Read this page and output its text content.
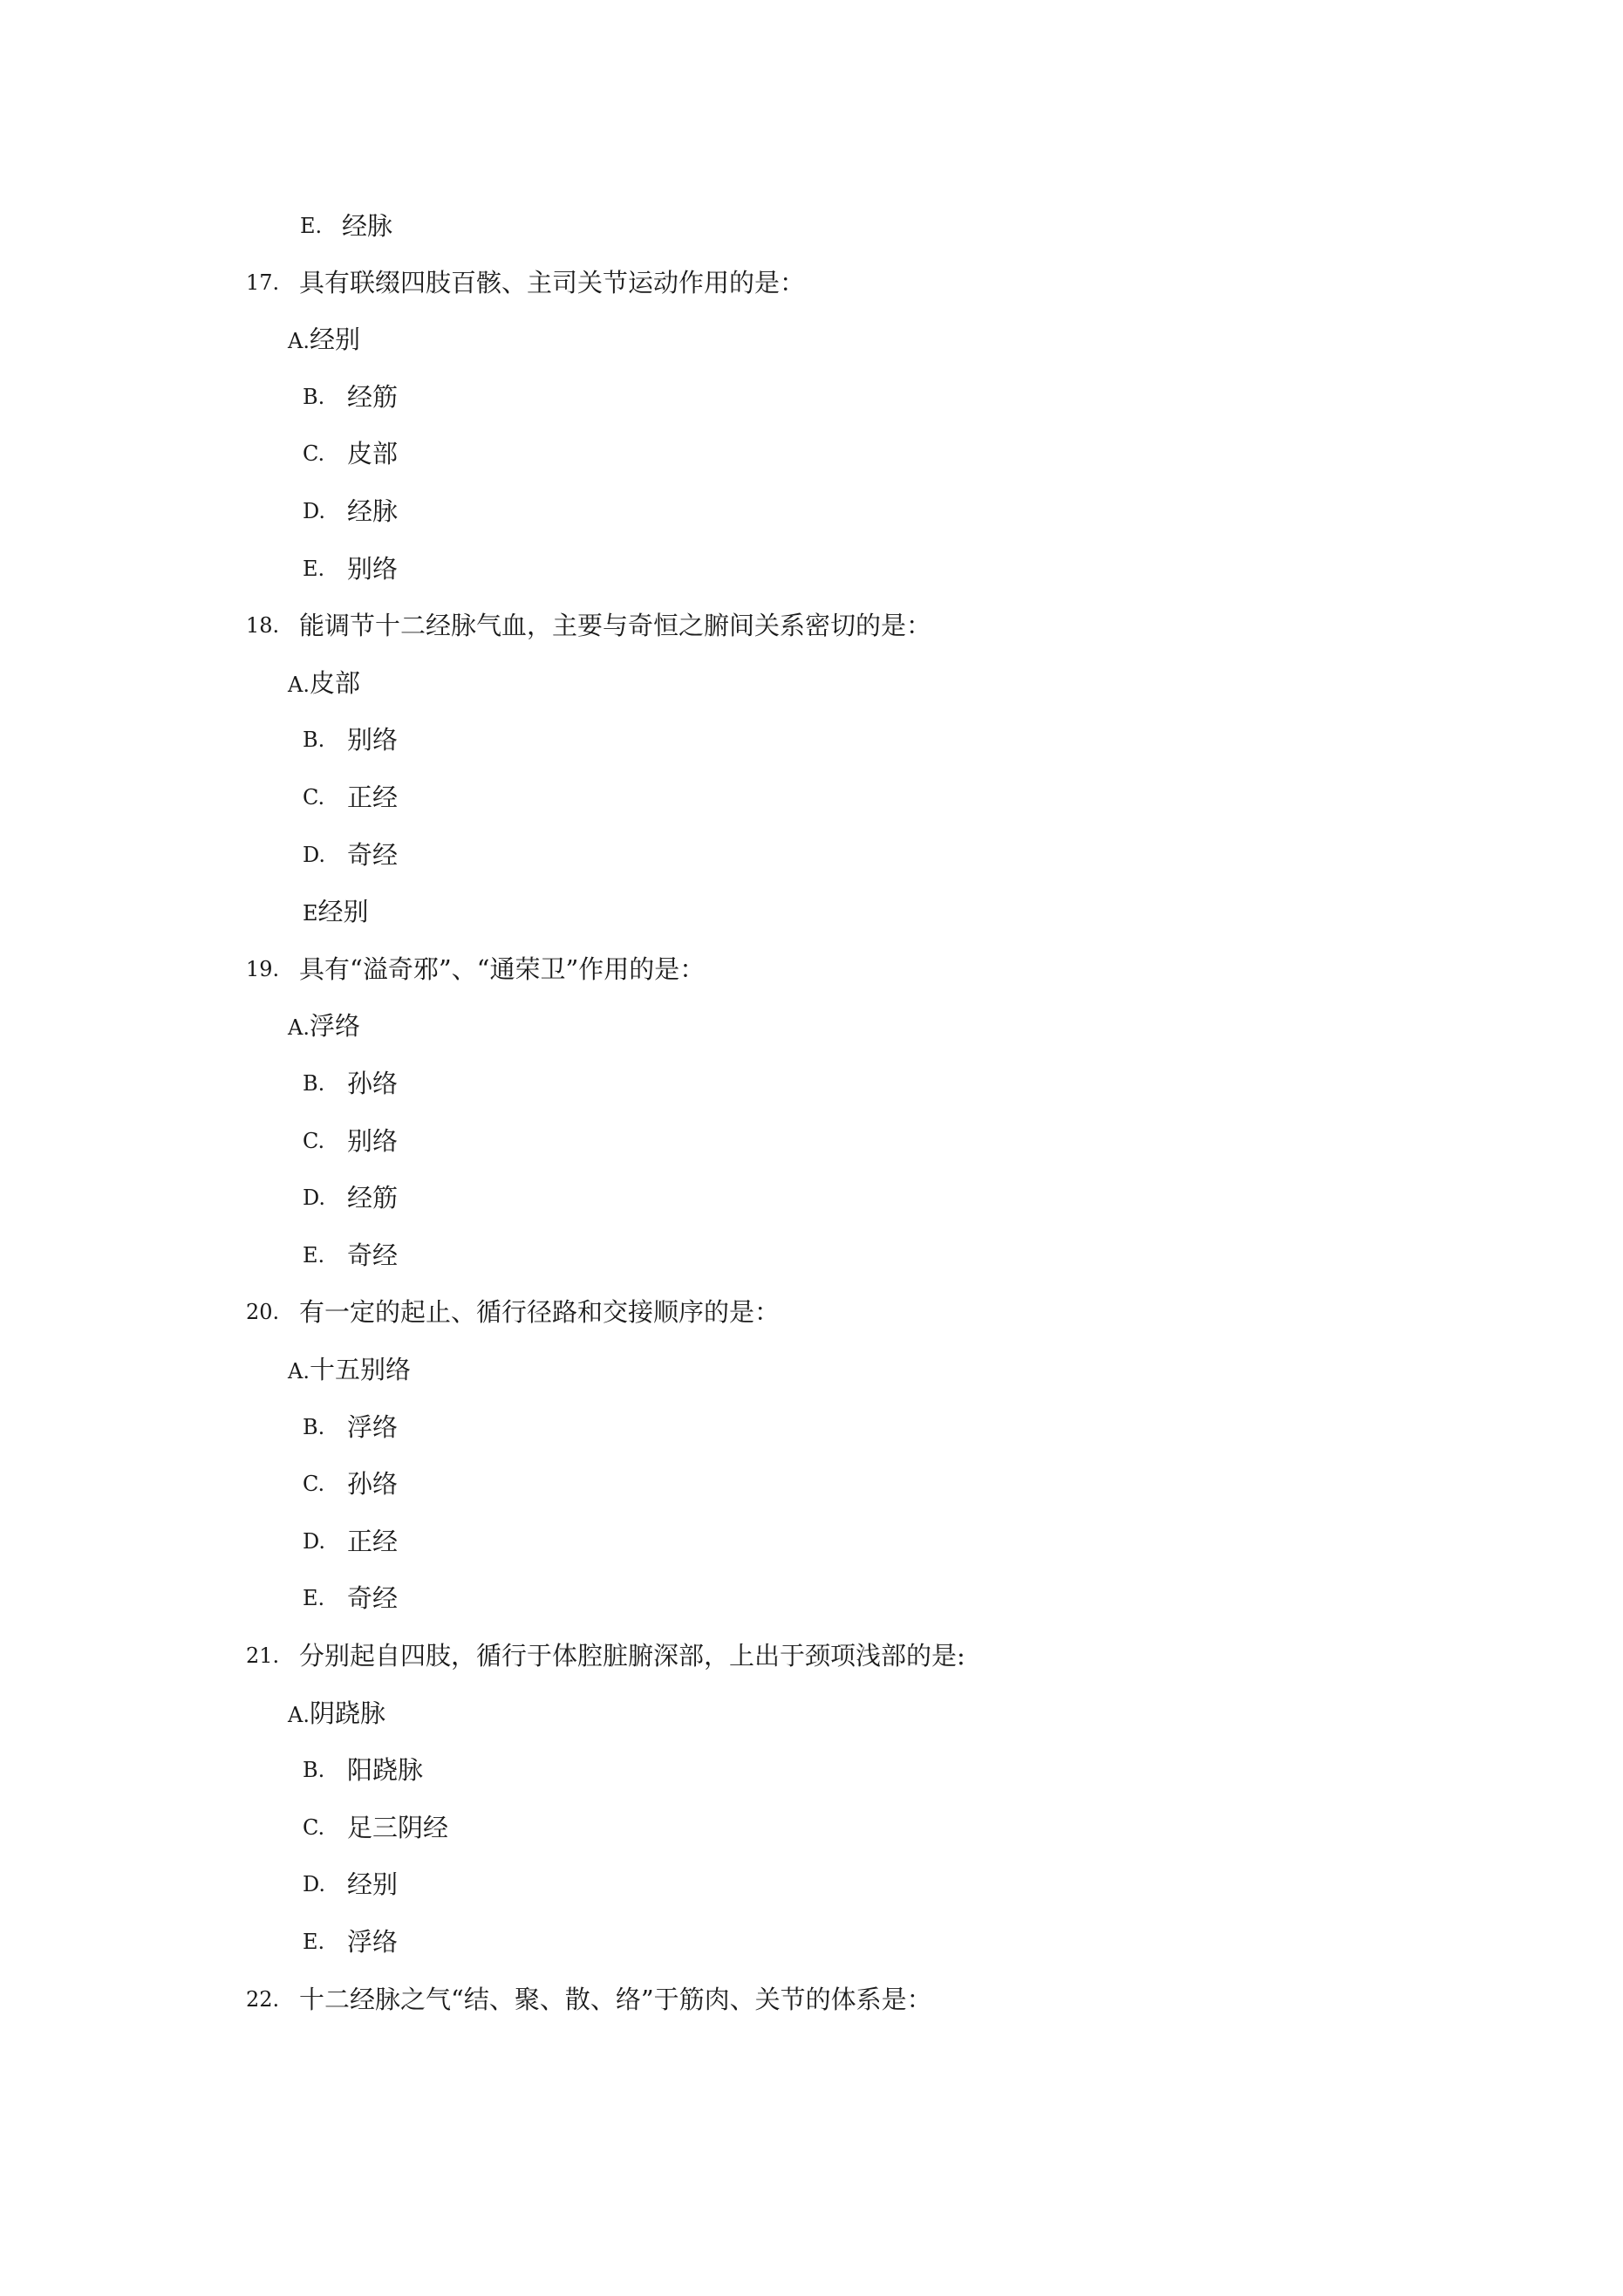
E. 经脉
17. 具有联缀四肢百骸、主司关节运动作用的是：
A.经别
B. 经筋
C. 皮部
D. 经脉
E. 别络
18. 能调节十二经脉气血，主要与奇恒之腑间关系密切的是：
A.皮部
B. 别络
C. 正经
D. 奇经
E经别
19. 具有“溢奇邪”、“通荣卫”作用的是：
A.浮络
B. 孙络
C. 别络
D. 经筋
E. 奇经
20. 有一定的起止、循行径路和交接顺序的是：
A.十五别络
B. 浮络
C. 孙络
D. 正经
E. 奇经
21. 分别起自四肢，循行于体腔脏腑深部，上出于颈项浅部的是:
A.阴跷脉
B. 阳跷脉
C. 足三阴经
D. 经别
E. 浮络
22. 十二经脉之气“结、聚、散、络”于筋肉、关节的体系是：
